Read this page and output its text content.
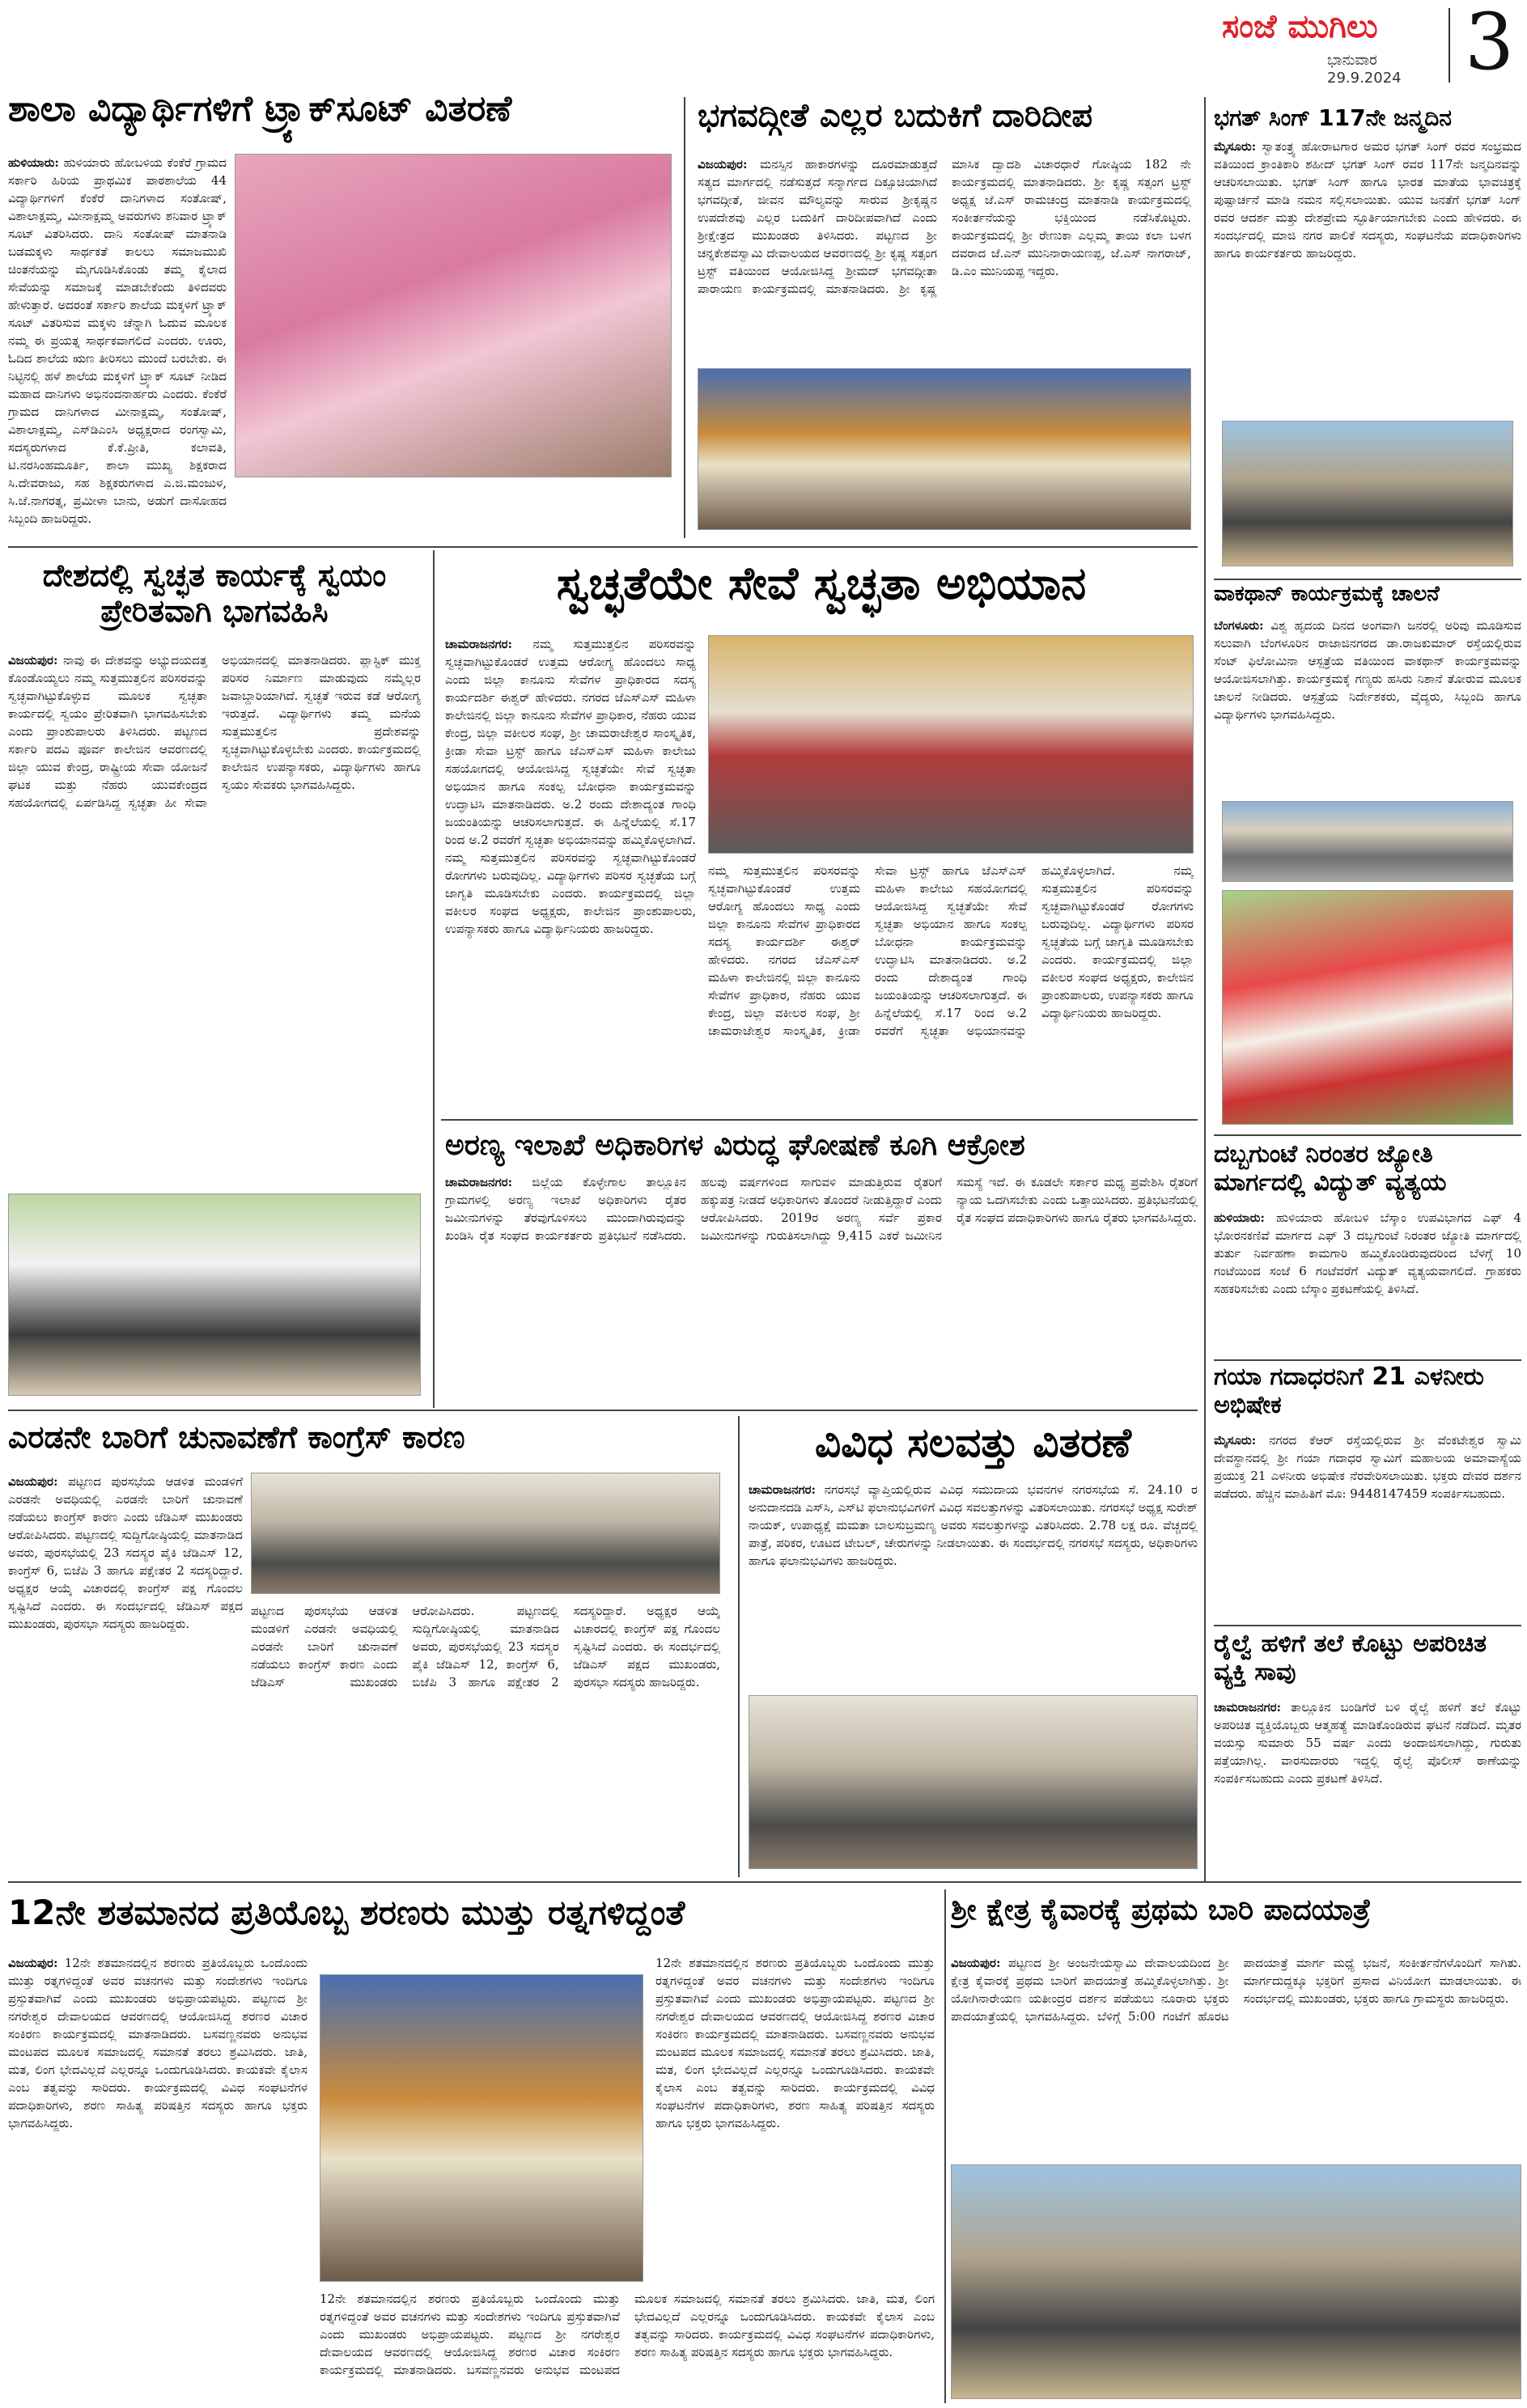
ಸಂಜೆ ಮುಗಿಲು
ಭಾನುವಾರ
29.9.2024 3
ಶಾಲಾ ವಿದ್ಯಾರ್ಥಿಗಳಿಗೆ ಟ್ರ್ಯಾಕ್‌ಸೂಟ್ ವಿತರಣೆ
ಹುಳಿಯಾರು: ಹುಳಿಯಾರು ಹೋಬಳಿಯ ಕೆಂಕೆರೆ ಗ್ರಾಮದ ಸರ್ಕಾರಿ ಹಿರಿಯ ಪ್ರಾಥಮಿಕ ಪಾಠಶಾಲೆಯ 44 ವಿದ್ಯಾರ್ಥಿಗಳಿಗೆ ಕೆಂಕೆರೆ ದಾನಿಗಳಾದ ಸಂತೋಷ್, ವಿಶಾಲಾಕ್ಷಮ್ಮ, ಮೀನಾಕ್ಷಮ್ಮ ಅವರುಗಳು ಶನಿವಾರ ಟ್ರ್ಯಾಕ್ ಸೂಟ್ ವಿತರಿಸಿದರು. ದಾನಿ ಸಂತೋಷ್ ಮಾತನಾಡಿ ಬಡಮಕ್ಕಳು ಸಾರ್ಥಕತೆ ಕಾಲಲು ಸಮಾಜಮುಖಿ ಚಿಂತನೆಯನ್ನು ಮೈಗೂಡಿಸಿಕೊಂಡು ತಮ್ಮ ಕೈಲಾದ ಸೇವೆಯನ್ನು ಸಮಾಜಕ್ಕೆ ಮಾಡಬೇಕೆಂದು ತಿಳಿದವರು ಹೇಳುತ್ತಾರೆ. ಅದರಂತೆ ಸರ್ಕಾರಿ ಶಾಲೆಯ ಮಕ್ಕಳಿಗೆ ಟ್ರ್ಯಾಕ್ ಸೂಟ್ ವಿತರಿಸುವ ಮಕ್ಕಳು ಚೆನ್ನಾಗಿ ಓದುವ ಮೂಲಕ ನಮ್ಮ ಈ ಪ್ರಯತ್ನ ಸಾರ್ಥಕವಾಗಲಿದೆ ಎಂದರು. ಊರು, ಓದಿದ ಶಾಲೆಯ ಋಣ ತೀರಿಸಲು ಮುಂದೆ ಬರಬೇಕು. ಈ ನಿಟ್ಟಿನಲ್ಲಿ ಹಳೆ ಶಾಲೆಯ ಮಕ್ಕಳಿಗೆ ಟ್ರ್ಯಾಕ್ ಸೂಟ್ ನೀಡಿದ ಮಹಾದ ದಾನಿಗಳು ಅಭಿನಂದನಾರ್ಹರು ಎಂದರು. ಕೆಂಕೆರೆ ಗ್ರಾಮದ ದಾನಿಗಳಾದ ಮೀನಾಕ್ಷಮ್ಮ, ಸಂತೋಷ್, ವಿಶಾಲಾಕ್ಷಮ್ಮ, ಎಸ್‌ಡಿಎಂಸಿ ಅಧ್ಯಕ್ಷರಾದ ರಂಗಸ್ವಾಮಿ, ಸದಸ್ಯರುಗಳಾದ ಕೆ.ಕೆ.ಪ್ರೀತಿ, ಕಲಾವತಿ, ಟಿ.ನರಸಿಂಹಮೂರ್ತಿ, ಶಾಲಾ ಮುಖ್ಯ ಶಿಕ್ಷಕರಾದ ಸಿ.ದೇವರಾಜು, ಸಹ ಶಿಕ್ಷಕರುಗಳಾದ ಎ.ಜಿ.ಮಂಜುಳ, ಸಿ.ಜೆ.ನಾಗರತ್ನ, ಪ್ರಮೀಳಾ ಬಾನು, ಅಡುಗೆ ದಾಸೋಹದ ಸಿಬ್ಬಂದಿ ಹಾಜರಿದ್ದರು.
ಭಗವದ್ಗೀತೆ ಎಲ್ಲರ ಬದುಕಿಗೆ ದಾರಿದೀಪ
ವಿಜಯಪುರ: ಮನಸ್ಸಿನ ಹಾಕಾರಗಳನ್ನು ದೂರಮಾಡುತ್ತದೆ ಸತ್ಯದ ಮಾರ್ಗದಲ್ಲಿ ನಡೆಸುತ್ತದೆ ಸನ್ಮಾರ್ಗದ ದಿಕ್ಸೂಚಿಯಾಗಿದೆ ಭಗವದ್ಗೀತೆ, ಜೀವನ ಮೌಲ್ಯವನ್ನು ಸಾರುವ ಶ್ರೀಕೃಷ್ಣನ ಉಪದೇಶವು ಎಲ್ಲರ ಬದುಕಿಗೆ ದಾರಿದೀಪವಾಗಿದೆ ಎಂದು ಶ್ರೀಕ್ಷೇತ್ರದ ಮುಖಂಡರು ತಿಳಿಸಿದರು. ಪಟ್ಟಣದ ಶ್ರೀ ಚನ್ನಕೇಶವಸ್ವಾಮಿ ದೇವಾಲಯದ ಆವರಣದಲ್ಲಿ ಶ್ರೀ ಕೃಷ್ಣ ಸತ್ಸಂಗ ಟ್ರಸ್ಟ್ ವತಿಯಿಂದ ಆಯೋಜಿಸಿದ್ದ ಶ್ರೀಮದ್ ಭಗವದ್ಗೀತಾ ಪಾರಾಯಣ ಕಾರ್ಯಕ್ರಮದಲ್ಲಿ ಮಾತನಾಡಿದರು. ಶ್ರೀ ಕೃಷ್ಣ ಮಾಸಿಕ ದ್ವಾದಶಿ ವಿಚಾರಧಾರೆ ಗೋಷ್ಠಿಯ 182 ನೇ ಕಾರ್ಯಕ್ರಮದಲ್ಲಿ ಮಾತನಾಡಿದರು. ಶ್ರೀ ಕೃಷ್ಣ ಸತ್ಸಂಗ ಟ್ರಸ್ಟ್ ಅಧ್ಯಕ್ಷ ಜೆ.ಎಸ್ ರಾಮಚಂದ್ರ ಮಾತನಾಡಿ ಕಾರ್ಯಕ್ರಮದಲ್ಲಿ ಸಂಕೀರ್ತನೆಯನ್ನು ಭಕ್ತಿಯಿಂದ ನಡೆಸಿಕೊಟ್ಟರು. ಕಾರ್ಯಕ್ರಮದಲ್ಲಿ ಶ್ರೀ ರೇಣುಕಾ ಎಲ್ಲಮ್ಮ ತಾಯಿ ಕಲಾ ಬಳಗ ದವರಾದ ಜೆ.ಎನ್ ಮುನಿನಾರಾಯಣಪ್ಪ, ಜೆ.ಎಸ್ ನಾಗರಾಜ್, ಡಿ.ಎಂ ಮುನಿಯಪ್ಪ ಇದ್ದರು.
ಭಗತ್ ಸಿಂಗ್ 117ನೇ ಜನ್ಮದಿನ
ಮೈಸೂರು: ಸ್ವಾತಂತ್ರ್ಯ ಹೋರಾಟಗಾರ ಅಮರ ಭಗತ್ ಸಿಂಗ್ ರವರ ಸಂಭ್ರಮದ ವತಿಯಿಂದ ಕ್ರಾಂತಿಕಾರಿ ಶಹೀದ್ ಭಗತ್ ಸಿಂಗ್ ರವರ 117ನೇ ಜನ್ಮದಿನವನ್ನು ಆಚರಿಸಲಾಯಿತು. ಭಗತ್ ಸಿಂಗ್ ಹಾಗೂ ಭಾರತ ಮಾತೆಯ ಭಾವಚಿತ್ರಕ್ಕೆ ಪುಷ್ಪಾರ್ಚನೆ ಮಾಡಿ ನಮನ ಸಲ್ಲಿಸಲಾಯಿತು. ಯುವ ಜನತೆಗೆ ಭಗತ್ ಸಿಂಗ್ ರವರ ಆದರ್ಶ ಮತ್ತು ದೇಶಪ್ರೇಮ ಸ್ಫೂರ್ತಿಯಾಗಬೇಕು ಎಂದು ಹೇಳಿದರು. ಈ ಸಂದರ್ಭದಲ್ಲಿ ಮಾಜಿ ನಗರ ಪಾಲಿಕೆ ಸದಸ್ಯರು, ಸಂಘಟನೆಯ ಪದಾಧಿಕಾರಿಗಳು ಹಾಗೂ ಕಾರ್ಯಕರ್ತರು ಹಾಜರಿದ್ದರು.
ದೇಶದಲ್ಲಿ ಸ್ವಚ್ಛತ ಕಾರ್ಯಕ್ಕೆ ಸ್ವಯಂ ಪ್ರೇರಿತವಾಗಿ ಭಾಗವಹಿಸಿ
ವಿಜಯಪುರ: ನಾವು ಈ ದೇಶವನ್ನು ಅಭ್ಯುದಯದತ್ತ ಕೊಂಡೊಯ್ಯಲು ನಮ್ಮ ಸುತ್ತಮುತ್ತಲಿನ ಪರಿಸರವನ್ನು ಸ್ವಚ್ಛವಾಗಿಟ್ಟುಕೊಳ್ಳುವ ಮೂಲಕ ಸ್ವಚ್ಛತಾ ಕಾರ್ಯದಲ್ಲಿ ಸ್ವಯಂ ಪ್ರೇರಿತವಾಗಿ ಭಾಗವಹಿಸಬೇಕು ಎಂದು ಪ್ರಾಂಶುಪಾಲರು ತಿಳಿಸಿದರು. ಪಟ್ಟಣದ ಸರ್ಕಾರಿ ಪದವಿ ಪೂರ್ವ ಕಾಲೇಜಿನ ಆವರಣದಲ್ಲಿ ಜಿಲ್ಲಾ ಯುವ ಕೇಂದ್ರ, ರಾಷ್ಟ್ರೀಯ ಸೇವಾ ಯೋಜನೆ ಘಟಕ ಮತ್ತು ನೆಹರು ಯುವಕೇಂದ್ರದ ಸಹಯೋಗದಲ್ಲಿ ಏರ್ಪಡಿಸಿದ್ದ ಸ್ವಚ್ಛತಾ ಹೀ ಸೇವಾ ಅಭಿಯಾನದಲ್ಲಿ ಮಾತನಾಡಿದರು. ಪ್ಲಾಸ್ಟಿಕ್ ಮುಕ್ತ ಪರಿಸರ ನಿರ್ಮಾಣ ಮಾಡುವುದು ನಮ್ಮೆಲ್ಲರ ಜವಾಬ್ದಾರಿಯಾಗಿದೆ. ಸ್ವಚ್ಛತೆ ಇರುವ ಕಡೆ ಆರೋಗ್ಯ ಇರುತ್ತದೆ. ವಿದ್ಯಾರ್ಥಿಗಳು ತಮ್ಮ ಮನೆಯ ಸುತ್ತಮುತ್ತಲಿನ ಪ್ರದೇಶವನ್ನು ಸ್ವಚ್ಛವಾಗಿಟ್ಟುಕೊಳ್ಳಬೇಕು ಎಂದರು. ಕಾರ್ಯಕ್ರಮದಲ್ಲಿ ಕಾಲೇಜಿನ ಉಪನ್ಯಾಸಕರು, ವಿದ್ಯಾರ್ಥಿಗಳು ಹಾಗೂ ಸ್ವಯಂ ಸೇವಕರು ಭಾಗವಹಿಸಿದ್ದರು.
ಸ್ವಚ್ಛತೆಯೇ ಸೇವೆ ಸ್ವಚ್ಛತಾ ಅಭಿಯಾನ
ಚಾಮರಾಜನಗರ: ನಮ್ಮ ಸುತ್ತಮುತ್ತಲಿನ ಪರಿಸರವನ್ನು ಸ್ವಚ್ಛವಾಗಿಟ್ಟುಕೊಂಡರೆ ಉತ್ತಮ ಆರೋಗ್ಯ ಹೊಂದಲು ಸಾಧ್ಯ ಎಂದು ಜಿಲ್ಲಾ ಕಾನೂನು ಸೇವೆಗಳ ಪ್ರಾಧಿಕಾರದ ಸದಸ್ಯ ಕಾರ್ಯದರ್ಶಿ ಈಶ್ವರ್ ಹೇಳಿದರು. ನಗರದ ಜೆಎಸ್‌ಎಸ್ ಮಹಿಳಾ ಕಾಲೇಜಿನಲ್ಲಿ ಜಿಲ್ಲಾ ಕಾನೂನು ಸೇವೆಗಳ ಪ್ರಾಧಿಕಾರ, ನೆಹರು ಯುವ ಕೇಂದ್ರ, ಜಿಲ್ಲಾ ವಕೀಲರ ಸಂಘ, ಶ್ರೀ ಚಾಮರಾಜೇಶ್ವರ ಸಾಂಸ್ಕೃತಿಕ, ಕ್ರೀಡಾ ಸೇವಾ ಟ್ರಸ್ಟ್ ಹಾಗೂ ಜೆಎಸ್‌ಎಸ್ ಮಹಿಳಾ ಕಾಲೇಜು ಸಹಯೋಗದಲ್ಲಿ ಆಯೋಜಿಸಿದ್ದ ಸ್ವಚ್ಛತೆಯೇ ಸೇವೆ ಸ್ವಚ್ಛತಾ ಅಭಿಯಾನ ಹಾಗೂ ಸಂಕಲ್ಪ ಬೋಧನಾ ಕಾರ್ಯಕ್ರಮವನ್ನು ಉದ್ಘಾಟಿಸಿ ಮಾತನಾಡಿದರು. ಅ.2 ರಂದು ದೇಶಾದ್ಯಂತ ಗಾಂಧಿ ಜಯಂತಿಯನ್ನು ಆಚರಿಸಲಾಗುತ್ತದೆ. ಈ ಹಿನ್ನೆಲೆಯಲ್ಲಿ ಸೆ.17 ರಿಂದ ಅ.2 ರವರೆಗೆ ಸ್ವಚ್ಛತಾ ಅಭಿಯಾನವನ್ನು ಹಮ್ಮಿಕೊಳ್ಳಲಾಗಿದೆ. ನಮ್ಮ ಸುತ್ತಮುತ್ತಲಿನ ಪರಿಸರವನ್ನು ಸ್ವಚ್ಛವಾಗಿಟ್ಟುಕೊಂಡರೆ ರೋಗಗಳು ಬರುವುದಿಲ್ಲ. ವಿದ್ಯಾರ್ಥಿಗಳು ಪರಿಸರ ಸ್ವಚ್ಛತೆಯ ಬಗ್ಗೆ ಜಾಗೃತಿ ಮೂಡಿಸಬೇಕು ಎಂದರು. ಕಾರ್ಯಕ್ರಮದಲ್ಲಿ ಜಿಲ್ಲಾ ವಕೀಲರ ಸಂಘದ ಅಧ್ಯಕ್ಷರು, ಕಾಲೇಜಿನ ಪ್ರಾಂಶುಪಾಲರು, ಉಪನ್ಯಾಸಕರು ಹಾಗೂ ವಿದ್ಯಾರ್ಥಿನಿಯರು ಹಾಜರಿದ್ದರು.
ನಮ್ಮ ಸುತ್ತಮುತ್ತಲಿನ ಪರಿಸರವನ್ನು ಸ್ವಚ್ಛವಾಗಿಟ್ಟುಕೊಂಡರೆ ಉತ್ತಮ ಆರೋಗ್ಯ ಹೊಂದಲು ಸಾಧ್ಯ ಎಂದು ಜಿಲ್ಲಾ ಕಾನೂನು ಸೇವೆಗಳ ಪ್ರಾಧಿಕಾರದ ಸದಸ್ಯ ಕಾರ್ಯದರ್ಶಿ ಈಶ್ವರ್ ಹೇಳಿದರು. ನಗರದ ಜೆಎಸ್‌ಎಸ್ ಮಹಿಳಾ ಕಾಲೇಜಿನಲ್ಲಿ ಜಿಲ್ಲಾ ಕಾನೂನು ಸೇವೆಗಳ ಪ್ರಾಧಿಕಾರ, ನೆಹರು ಯುವ ಕೇಂದ್ರ, ಜಿಲ್ಲಾ ವಕೀಲರ ಸಂಘ, ಶ್ರೀ ಚಾಮರಾಜೇಶ್ವರ ಸಾಂಸ್ಕೃತಿಕ, ಕ್ರೀಡಾ ಸೇವಾ ಟ್ರಸ್ಟ್ ಹಾಗೂ ಜೆಎಸ್‌ಎಸ್ ಮಹಿಳಾ ಕಾಲೇಜು ಸಹಯೋಗದಲ್ಲಿ ಆಯೋಜಿಸಿದ್ದ ಸ್ವಚ್ಛತೆಯೇ ಸೇವೆ ಸ್ವಚ್ಛತಾ ಅಭಿಯಾನ ಹಾಗೂ ಸಂಕಲ್ಪ ಬೋಧನಾ ಕಾರ್ಯಕ್ರಮವನ್ನು ಉದ್ಘಾಟಿಸಿ ಮಾತನಾಡಿದರು. ಅ.2 ರಂದು ದೇಶಾದ್ಯಂತ ಗಾಂಧಿ ಜಯಂತಿಯನ್ನು ಆಚರಿಸಲಾಗುತ್ತದೆ. ಈ ಹಿನ್ನೆಲೆಯಲ್ಲಿ ಸೆ.17 ರಿಂದ ಅ.2 ರವರೆಗೆ ಸ್ವಚ್ಛತಾ ಅಭಿಯಾನವನ್ನು ಹಮ್ಮಿಕೊಳ್ಳಲಾಗಿದೆ. ನಮ್ಮ ಸುತ್ತಮುತ್ತಲಿನ ಪರಿಸರವನ್ನು ಸ್ವಚ್ಛವಾಗಿಟ್ಟುಕೊಂಡರೆ ರೋಗಗಳು ಬರುವುದಿಲ್ಲ. ವಿದ್ಯಾರ್ಥಿಗಳು ಪರಿಸರ ಸ್ವಚ್ಛತೆಯ ಬಗ್ಗೆ ಜಾಗೃತಿ ಮೂಡಿಸಬೇಕು ಎಂದರು. ಕಾರ್ಯಕ್ರಮದಲ್ಲಿ ಜಿಲ್ಲಾ ವಕೀಲರ ಸಂಘದ ಅಧ್ಯಕ್ಷರು, ಕಾಲೇಜಿನ ಪ್ರಾಂಶುಪಾಲರು, ಉಪನ್ಯಾಸಕರು ಹಾಗೂ ವಿದ್ಯಾರ್ಥಿನಿಯರು ಹಾಜರಿದ್ದರು.
ವಾಕಥಾನ್ ಕಾರ್ಯಕ್ರಮಕ್ಕೆ ಚಾಲನೆ
ಬೆಂಗಳೂರು: ವಿಶ್ವ ಹೃದಯ ದಿನದ ಅಂಗವಾಗಿ ಜನರಲ್ಲಿ ಅರಿವು ಮೂಡಿಸುವ ಸಲುವಾಗಿ ಬೆಂಗಳೂರಿನ ರಾಜಾಜಿನಗರದ ಡಾ.ರಾಜಕುಮಾರ್ ರಸ್ತೆಯಲ್ಲಿರುವ ಸೆಂಟ್ ಫಿಲೋಮಿನಾ ಆಸ್ಪತ್ರೆಯ ವತಿಯಿಂದ ವಾಕಥಾನ್ ಕಾರ್ಯಕ್ರಮವನ್ನು ಆಯೋಜಿಸಲಾಗಿತ್ತು. ಕಾರ್ಯಕ್ರಮಕ್ಕೆ ಗಣ್ಯರು ಹಸಿರು ನಿಶಾನೆ ತೋರುವ ಮೂಲಕ ಚಾಲನೆ ನೀಡಿದರು. ಆಸ್ಪತ್ರೆಯ ನಿರ್ದೇಶಕರು, ವೈದ್ಯರು, ಸಿಬ್ಬಂದಿ ಹಾಗೂ ವಿದ್ಯಾರ್ಥಿಗಳು ಭಾಗವಹಿಸಿದ್ದರು.
ಅರಣ್ಯ ಇಲಾಖೆ ಅಧಿಕಾರಿಗಳ ವಿರುದ್ಧ ಘೋಷಣೆ ಕೂಗಿ ಆಕ್ರೋಶ
ಚಾಮರಾಜನಗರ: ಜಿಲ್ಲೆಯ ಕೊಳ್ಳೇಗಾಲ ತಾಲ್ಲೂಕಿನ ಗ್ರಾಮಗಳಲ್ಲಿ ಅರಣ್ಯ ಇಲಾಖೆ ಅಧಿಕಾರಿಗಳು ರೈತರ ಜಮೀನುಗಳನ್ನು ತೆರವುಗೊಳಿಸಲು ಮುಂದಾಗಿರುವುದನ್ನು ಖಂಡಿಸಿ ರೈತ ಸಂಘದ ಕಾರ್ಯಕರ್ತರು ಪ್ರತಿಭಟನೆ ನಡೆಸಿದರು. ಹಲವು ವರ್ಷಗಳಿಂದ ಸಾಗುವಳಿ ಮಾಡುತ್ತಿರುವ ರೈತರಿಗೆ ಹಕ್ಕುಪತ್ರ ನೀಡದೆ ಅಧಿಕಾರಿಗಳು ತೊಂದರೆ ನೀಡುತ್ತಿದ್ದಾರೆ ಎಂದು ಆರೋಪಿಸಿದರು. 2019ರ ಅರಣ್ಯ ಸರ್ವೆ ಪ್ರಕಾರ ಜಮೀನುಗಳನ್ನು ಗುರುತಿಸಲಾಗಿದ್ದು 9,415 ಎಕರೆ ಜಮೀನಿನ ಸಮಸ್ಯೆ ಇದೆ. ಈ ಕೂಡಲೇ ಸರ್ಕಾರ ಮಧ್ಯ ಪ್ರವೇಶಿಸಿ ರೈತರಿಗೆ ನ್ಯಾಯ ಒದಗಿಸಬೇಕು ಎಂದು ಒತ್ತಾಯಿಸಿದರು. ಪ್ರತಿಭಟನೆಯಲ್ಲಿ ರೈತ ಸಂಘದ ಪದಾಧಿಕಾರಿಗಳು ಹಾಗೂ ರೈತರು ಭಾಗವಹಿಸಿದ್ದರು.
ದಬ್ಬಗುಂಟೆ ನಿರಂತರ ಜ್ಯೋತಿ ಮಾರ್ಗದಲ್ಲಿ ವಿದ್ಯುತ್ ವ್ಯತ್ಯಯ
ಹುಳಿಯಾರು: ಹುಳಿಯಾರು ಹೋಬಳಿ ಬೆಸ್ಕಾಂ ಉಪವಿಭಾಗದ ಎಫ್ 4 ಭೋರನಕಣಿವೆ ಮಾರ್ಗದ ಎಫ್ 3 ದಬ್ಬಗುಂಟೆ ನಿರಂತರ ಜ್ಯೋತಿ ಮಾರ್ಗದಲ್ಲಿ ತುರ್ತು ನಿರ್ವಹಣಾ ಕಾಮಗಾರಿ ಹಮ್ಮಿಕೊಂಡಿರುವುದರಿಂದ ಬೆಳಗ್ಗೆ 10 ಗಂಟೆಯಿಂದ ಸಂಜೆ 6 ಗಂಟೆವರೆಗೆ ವಿದ್ಯುತ್ ವ್ಯತ್ಯಯವಾಗಲಿದೆ. ಗ್ರಾಹಕರು ಸಹಕರಿಸಬೇಕು ಎಂದು ಬೆಸ್ಕಾಂ ಪ್ರಕಟಣೆಯಲ್ಲಿ ತಿಳಿಸಿದೆ.
ಗಯಾ ಗದಾಧರನಿಗೆ 21 ಎಳನೀರು ಅಭಿಷೇಕ
ಮೈಸೂರು: ನಗರದ ಕೆಆರ್ ರಸ್ತೆಯಲ್ಲಿರುವ ಶ್ರೀ ವೆಂಕಟೇಶ್ವರ ಸ್ವಾಮಿ ದೇವಸ್ಥಾನದಲ್ಲಿ ಶ್ರೀ ಗಯಾ ಗದಾಧರ ಸ್ವಾಮಿಗೆ ಮಹಾಲಯ ಅಮಾವಾಸ್ಯೆಯ ಪ್ರಯುಕ್ತ 21 ಎಳನೀರು ಅಭಿಷೇಕ ನೆರವೇರಿಸಲಾಯಿತು. ಭಕ್ತರು ದೇವರ ದರ್ಶನ ಪಡೆದರು. ಹೆಚ್ಚಿನ ಮಾಹಿತಿಗೆ ಮೊ: 9448147459 ಸಂಪರ್ಕಿಸಬಹುದು.
ರೈಲ್ವೆ ಹಳಿಗೆ ತಲೆ ಕೊಟ್ಟು ಅಪರಿಚಿತ ವ್ಯಕ್ತಿ ಸಾವು
ಚಾಮರಾಜನಗರ: ತಾಲ್ಲೂಕಿನ ಬಂಡಿಗೆರೆ ಬಳಿ ರೈಲ್ವೆ ಹಳಿಗೆ ತಲೆ ಕೊಟ್ಟು ಅಪರಿಚಿತ ವ್ಯಕ್ತಿಯೊಬ್ಬರು ಆತ್ಮಹತ್ಯೆ ಮಾಡಿಕೊಂಡಿರುವ ಘಟನೆ ನಡೆದಿದೆ. ಮೃತರ ವಯಸ್ಸು ಸುಮಾರು 55 ವರ್ಷ ಎಂದು ಅಂದಾಜಿಸಲಾಗಿದ್ದು, ಗುರುತು ಪತ್ತೆಯಾಗಿಲ್ಲ. ವಾರಸುದಾರರು ಇದ್ದಲ್ಲಿ ರೈಲ್ವೆ ಪೊಲೀಸ್ ಠಾಣೆಯನ್ನು ಸಂಪರ್ಕಿಸಬಹುದು ಎಂದು ಪ್ರಕಟಣೆ ತಿಳಿಸಿದೆ.
ಎರಡನೇ ಬಾರಿಗೆ ಚುನಾವಣೆಗೆ ಕಾಂಗ್ರೆಸ್ ಕಾರಣ
ವಿಜಯಪುರ: ಪಟ್ಟಣದ ಪುರಸಭೆಯ ಆಡಳಿತ ಮಂಡಳಿಗೆ ಎರಡನೇ ಅವಧಿಯಲ್ಲಿ ಎರಡನೇ ಬಾರಿಗೆ ಚುನಾವಣೆ ನಡೆಯಲು ಕಾಂಗ್ರೆಸ್ ಕಾರಣ ಎಂದು ಜೆಡಿಎಸ್ ಮುಖಂಡರು ಆರೋಪಿಸಿದರು. ಪಟ್ಟಣದಲ್ಲಿ ಸುದ್ದಿಗೋಷ್ಠಿಯಲ್ಲಿ ಮಾತನಾಡಿದ ಅವರು, ಪುರಸಭೆಯಲ್ಲಿ 23 ಸದಸ್ಯರ ಪೈಕಿ ಜೆಡಿಎಸ್ 12, ಕಾಂಗ್ರೆಸ್ 6, ಬಿಜೆಪಿ 3 ಹಾಗೂ ಪಕ್ಷೇತರ 2 ಸದಸ್ಯರಿದ್ದಾರೆ. ಅಧ್ಯಕ್ಷರ ಆಯ್ಕೆ ವಿಚಾರದಲ್ಲಿ ಕಾಂಗ್ರೆಸ್ ಪಕ್ಷ ಗೊಂದಲ ಸೃಷ್ಟಿಸಿದೆ ಎಂದರು. ಈ ಸಂದರ್ಭದಲ್ಲಿ ಜೆಡಿಎಸ್ ಪಕ್ಷದ ಮುಖಂಡರು, ಪುರಸಭಾ ಸದಸ್ಯರು ಹಾಜರಿದ್ದರು.
ಪಟ್ಟಣದ ಪುರಸಭೆಯ ಆಡಳಿತ ಮಂಡಳಿಗೆ ಎರಡನೇ ಅವಧಿಯಲ್ಲಿ ಎರಡನೇ ಬಾರಿಗೆ ಚುನಾವಣೆ ನಡೆಯಲು ಕಾಂಗ್ರೆಸ್ ಕಾರಣ ಎಂದು ಜೆಡಿಎಸ್ ಮುಖಂಡರು ಆರೋಪಿಸಿದರು. ಪಟ್ಟಣದಲ್ಲಿ ಸುದ್ದಿಗೋಷ್ಠಿಯಲ್ಲಿ ಮಾತನಾಡಿದ ಅವರು, ಪುರಸಭೆಯಲ್ಲಿ 23 ಸದಸ್ಯರ ಪೈಕಿ ಜೆಡಿಎಸ್ 12, ಕಾಂಗ್ರೆಸ್ 6, ಬಿಜೆಪಿ 3 ಹಾಗೂ ಪಕ್ಷೇತರ 2 ಸದಸ್ಯರಿದ್ದಾರೆ. ಅಧ್ಯಕ್ಷರ ಆಯ್ಕೆ ವಿಚಾರದಲ್ಲಿ ಕಾಂಗ್ರೆಸ್ ಪಕ್ಷ ಗೊಂದಲ ಸೃಷ್ಟಿಸಿದೆ ಎಂದರು. ಈ ಸಂದರ್ಭದಲ್ಲಿ ಜೆಡಿಎಸ್ ಪಕ್ಷದ ಮುಖಂಡರು, ಪುರಸಭಾ ಸದಸ್ಯರು ಹಾಜರಿದ್ದರು.
ವಿವಿಧ ಸಲವತ್ತು ವಿತರಣೆ
ಚಾಮರಾಜನಗರ: ನಗರಸಭೆ ವ್ಯಾಪ್ತಿಯಲ್ಲಿರುವ ವಿವಿಧ ಸಮುದಾಯ ಭವನಗಳ ನಗರಸಭೆಯ ಸೆ. 24.10 ರ ಅನುದಾನದಡಿ ಎಸ್‌ಸಿ, ಎಸ್‌ಟಿ ಫಲಾನುಭವಿಗಳಿಗೆ ವಿವಿಧ ಸವಲತ್ತುಗಳನ್ನು ವಿತರಿಸಲಾಯಿತು. ನಗರಸಭೆ ಅಧ್ಯಕ್ಷ ಸುರೇಶ್ ನಾಯಕ್, ಉಪಾಧ್ಯಕ್ಷೆ ಮಮತಾ ಬಾಲಸುಬ್ರಮಣ್ಯ ಅವರು ಸವಲತ್ತುಗಳನ್ನು ವಿತರಿಸಿದರು. 2.78 ಲಕ್ಷ ರೂ. ವೆಚ್ಚದಲ್ಲಿ ಪಾತ್ರೆ, ಪರಿಕರ, ಊಟದ ಟೇಬಲ್, ಚೇರುಗಳನ್ನು ನೀಡಲಾಯಿತು. ಈ ಸಂದರ್ಭದಲ್ಲಿ ನಗರಸಭೆ ಸದಸ್ಯರು, ಅಧಿಕಾರಿಗಳು ಹಾಗೂ ಫಲಾನುಭವಿಗಳು ಹಾಜರಿದ್ದರು.
12ನೇ ಶತಮಾನದ ಪ್ರತಿಯೊಬ್ಬ ಶರಣರು ಮುತ್ತು ರತ್ನಗಳಿದ್ದಂತೆ
ವಿಜಯಪುರ: 12ನೇ ಶತಮಾನದಲ್ಲಿನ ಶರಣರು ಪ್ರತಿಯೊಬ್ಬರು ಒಂದೊಂದು ಮುತ್ತು ರತ್ನಗಳಿದ್ದಂತೆ ಅವರ ವಚನಗಳು ಮತ್ತು ಸಂದೇಶಗಳು ಇಂದಿಗೂ ಪ್ರಸ್ತುತವಾಗಿವೆ ಎಂದು ಮುಖಂಡರು ಅಭಿಪ್ರಾಯಪಟ್ಟರು. ಪಟ್ಟಣದ ಶ್ರೀ ನಗರೇಶ್ವರ ದೇವಾಲಯದ ಆವರಣದಲ್ಲಿ ಆಯೋಜಿಸಿದ್ದ ಶರಣರ ವಿಚಾರ ಸಂಕಿರಣ ಕಾರ್ಯಕ್ರಮದಲ್ಲಿ ಮಾತನಾಡಿದರು. ಬಸವಣ್ಣನವರು ಅನುಭವ ಮಂಟಪದ ಮೂಲಕ ಸಮಾಜದಲ್ಲಿ ಸಮಾನತೆ ತರಲು ಶ್ರಮಿಸಿದರು. ಜಾತಿ, ಮತ, ಲಿಂಗ ಭೇದವಿಲ್ಲದೆ ಎಲ್ಲರನ್ನೂ ಒಂದುಗೂಡಿಸಿದರು. ಕಾಯಕವೇ ಕೈಲಾಸ ಎಂಬ ತತ್ವವನ್ನು ಸಾರಿದರು. ಕಾರ್ಯಕ್ರಮದಲ್ಲಿ ವಿವಿಧ ಸಂಘಟನೆಗಳ ಪದಾಧಿಕಾರಿಗಳು, ಶರಣ ಸಾಹಿತ್ಯ ಪರಿಷತ್ತಿನ ಸದಸ್ಯರು ಹಾಗೂ ಭಕ್ತರು ಭಾಗವಹಿಸಿದ್ದರು.
12ನೇ ಶತಮಾನದಲ್ಲಿನ ಶರಣರು ಪ್ರತಿಯೊಬ್ಬರು ಒಂದೊಂದು ಮುತ್ತು ರತ್ನಗಳಿದ್ದಂತೆ ಅವರ ವಚನಗಳು ಮತ್ತು ಸಂದೇಶಗಳು ಇಂದಿಗೂ ಪ್ರಸ್ತುತವಾಗಿವೆ ಎಂದು ಮುಖಂಡರು ಅಭಿಪ್ರಾಯಪಟ್ಟರು. ಪಟ್ಟಣದ ಶ್ರೀ ನಗರೇಶ್ವರ ದೇವಾಲಯದ ಆವರಣದಲ್ಲಿ ಆಯೋಜಿಸಿದ್ದ ಶರಣರ ವಿಚಾರ ಸಂಕಿರಣ ಕಾರ್ಯಕ್ರಮದಲ್ಲಿ ಮಾತನಾಡಿದರು. ಬಸವಣ್ಣನವರು ಅನುಭವ ಮಂಟಪದ ಮೂಲಕ ಸಮಾಜದಲ್ಲಿ ಸಮಾನತೆ ತರಲು ಶ್ರಮಿಸಿದರು. ಜಾತಿ, ಮತ, ಲಿಂಗ ಭೇದವಿಲ್ಲದೆ ಎಲ್ಲರನ್ನೂ ಒಂದುಗೂಡಿಸಿದರು. ಕಾಯಕವೇ ಕೈಲಾಸ ಎಂಬ ತತ್ವವನ್ನು ಸಾರಿದರು. ಕಾರ್ಯಕ್ರಮದಲ್ಲಿ ವಿವಿಧ ಸಂಘಟನೆಗಳ ಪದಾಧಿಕಾರಿಗಳು, ಶರಣ ಸಾಹಿತ್ಯ ಪರಿಷತ್ತಿನ ಸದಸ್ಯರು ಹಾಗೂ ಭಕ್ತರು ಭಾಗವಹಿಸಿದ್ದರು.
12ನೇ ಶತಮಾನದಲ್ಲಿನ ಶರಣರು ಪ್ರತಿಯೊಬ್ಬರು ಒಂದೊಂದು ಮುತ್ತು ರತ್ನಗಳಿದ್ದಂತೆ ಅವರ ವಚನಗಳು ಮತ್ತು ಸಂದೇಶಗಳು ಇಂದಿಗೂ ಪ್ರಸ್ತುತವಾಗಿವೆ ಎಂದು ಮುಖಂಡರು ಅಭಿಪ್ರಾಯಪಟ್ಟರು. ಪಟ್ಟಣದ ಶ್ರೀ ನಗರೇಶ್ವರ ದೇವಾಲಯದ ಆವರಣದಲ್ಲಿ ಆಯೋಜಿಸಿದ್ದ ಶರಣರ ವಿಚಾರ ಸಂಕಿರಣ ಕಾರ್ಯಕ್ರಮದಲ್ಲಿ ಮಾತನಾಡಿದರು. ಬಸವಣ್ಣನವರು ಅನುಭವ ಮಂಟಪದ ಮೂಲಕ ಸಮಾಜದಲ್ಲಿ ಸಮಾನತೆ ತರಲು ಶ್ರಮಿಸಿದರು. ಜಾತಿ, ಮತ, ಲಿಂಗ ಭೇದವಿಲ್ಲದೆ ಎಲ್ಲರನ್ನೂ ಒಂದುಗೂಡಿಸಿದರು. ಕಾಯಕವೇ ಕೈಲಾಸ ಎಂಬ ತತ್ವವನ್ನು ಸಾರಿದರು. ಕಾರ್ಯಕ್ರಮದಲ್ಲಿ ವಿವಿಧ ಸಂಘಟನೆಗಳ ಪದಾಧಿಕಾರಿಗಳು, ಶರಣ ಸಾಹಿತ್ಯ ಪರಿಷತ್ತಿನ ಸದಸ್ಯರು ಹಾಗೂ ಭಕ್ತರು ಭಾಗವಹಿಸಿದ್ದರು.
ಶ್ರೀ ಕ್ಷೇತ್ರ ಕೈವಾರಕ್ಕೆ ಪ್ರಥಮ ಬಾರಿ ಪಾದಯಾತ್ರೆ
ವಿಜಯಪುರ: ಪಟ್ಟಣದ ಶ್ರೀ ಅಂಜನೇಯಸ್ವಾಮಿ ದೇವಾಲಯದಿಂದ ಶ್ರೀ ಕ್ಷೇತ್ರ ಕೈವಾರಕ್ಕೆ ಪ್ರಥಮ ಬಾರಿಗೆ ಪಾದಯಾತ್ರೆ ಹಮ್ಮಿಕೊಳ್ಳಲಾಗಿತ್ತು. ಶ್ರೀ ಯೋಗಿನಾರೇಯಣ ಯತೀಂದ್ರರ ದರ್ಶನ ಪಡೆಯಲು ನೂರಾರು ಭಕ್ತರು ಪಾದಯಾತ್ರೆಯಲ್ಲಿ ಭಾಗವಹಿಸಿದ್ದರು. ಬೆಳಿಗ್ಗೆ 5:00 ಗಂಟೆಗೆ ಹೊರಟ ಪಾದಯಾತ್ರೆ ಮಾರ್ಗ ಮಧ್ಯೆ ಭಜನೆ, ಸಂಕೀರ್ತನೆಗಳೊಂದಿಗೆ ಸಾಗಿತು. ಮಾರ್ಗದುದ್ದಕ್ಕೂ ಭಕ್ತರಿಗೆ ಪ್ರಸಾದ ವಿನಿಯೋಗ ಮಾಡಲಾಯಿತು. ಈ ಸಂದರ್ಭದಲ್ಲಿ ಮುಖಂಡರು, ಭಕ್ತರು ಹಾಗೂ ಗ್ರಾಮಸ್ಥರು ಹಾಜರಿದ್ದರು.
